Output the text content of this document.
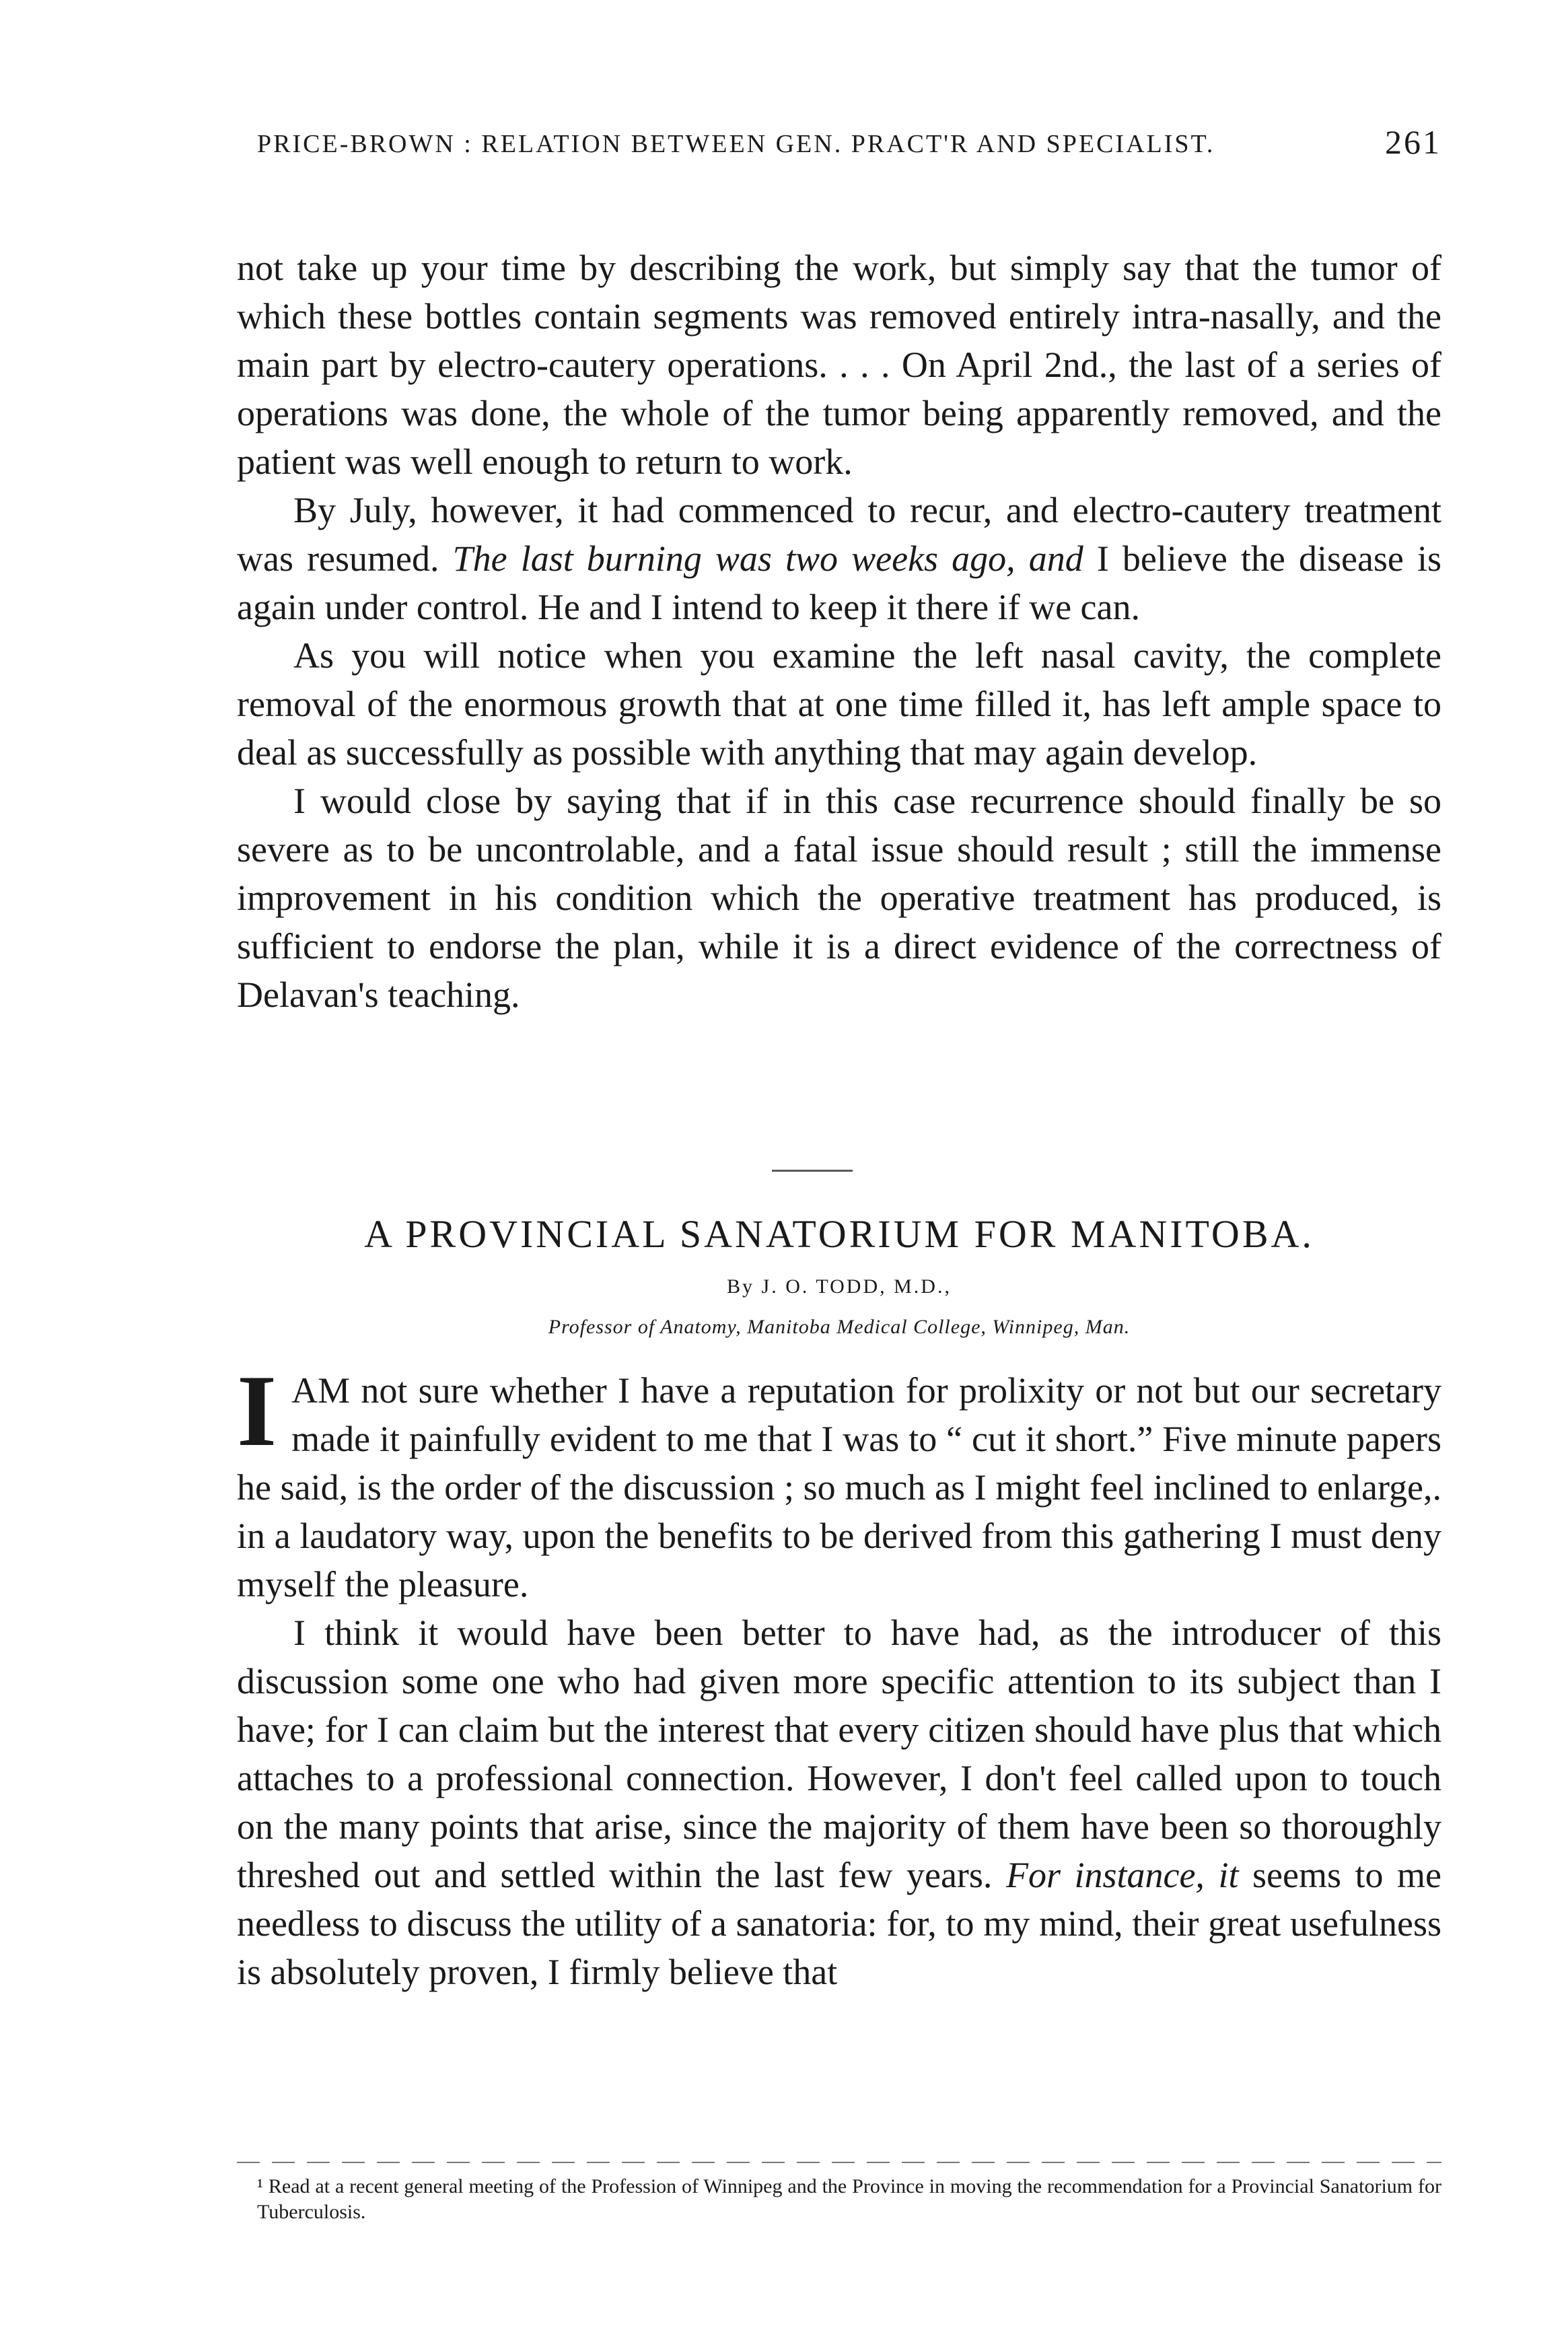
PRICE-BROWN : RELATION BETWEEN GEN. PRACT'R AND SPECIALIST.	261

not take up your time by describing the work, but simply say that the tumor of which these bottles contain segments was removed entirely intra-nasally, and the main part by electro-cautery operations. . . . On April 2nd., the last of a series of operations was done, the whole of the tumor being apparently removed, and the patient was well enough to return to work.

By July, however, it had commenced to recur, and electro-cautery treatment was resumed. The last burning was two weeks ago, and I believe the disease is again under control. He and I intend to keep it there if we can.

As you will notice when you examine the left nasal cavity, the complete removal of the enormous growth that at one time filled it, has left ample space to deal as successfully as possible with anything that may again develop.

I would close by saying that if in this case recurrence should finally be so severe as to be uncontrolable, and a fatal issue should result ; still the immense improvement in his condition which the operative treatment has produced, is sufficient to endorse the plan, while it is a direct evidence of the correctness of Delavan's teaching.

A PROVINCIAL SANATORIUM FOR MANITOBA.
By J. O. TODD, M.D.,
Professor of Anatomy, Manitoba Medical College, Winnipeg, Man.

IAM not sure whether I have a reputation for prolixity or not but our secretary made it painfully evident to me that I was to “ cut it short.” Five minute papers he said, is the order of the discussion ; so much as I might feel inclined to enlarge,. in a laudatory way, upon the benefits to be derived from this gathering I must deny myself the pleasure.

I think it would have been better to have had, as the introducer of this discussion some one who had given more specific attention to its subject than I have; for I can claim but the interest that every citizen should have plus that which attaches to a professional connection. However, I don't feel called upon to touch on the many points that arise, since the majority of them have been so thoroughly threshed out and settled within the last few years. For instance, it seems to me needless to discuss the utility of a sanatoria: for, to my mind, their great usefulness is absolutely proven, I firmly believe that

¹ Read at a recent general meeting of the Profession of Winnipeg and the Province in moving the recommendation for a Provincial Sanatorium for Tuberculosis.
